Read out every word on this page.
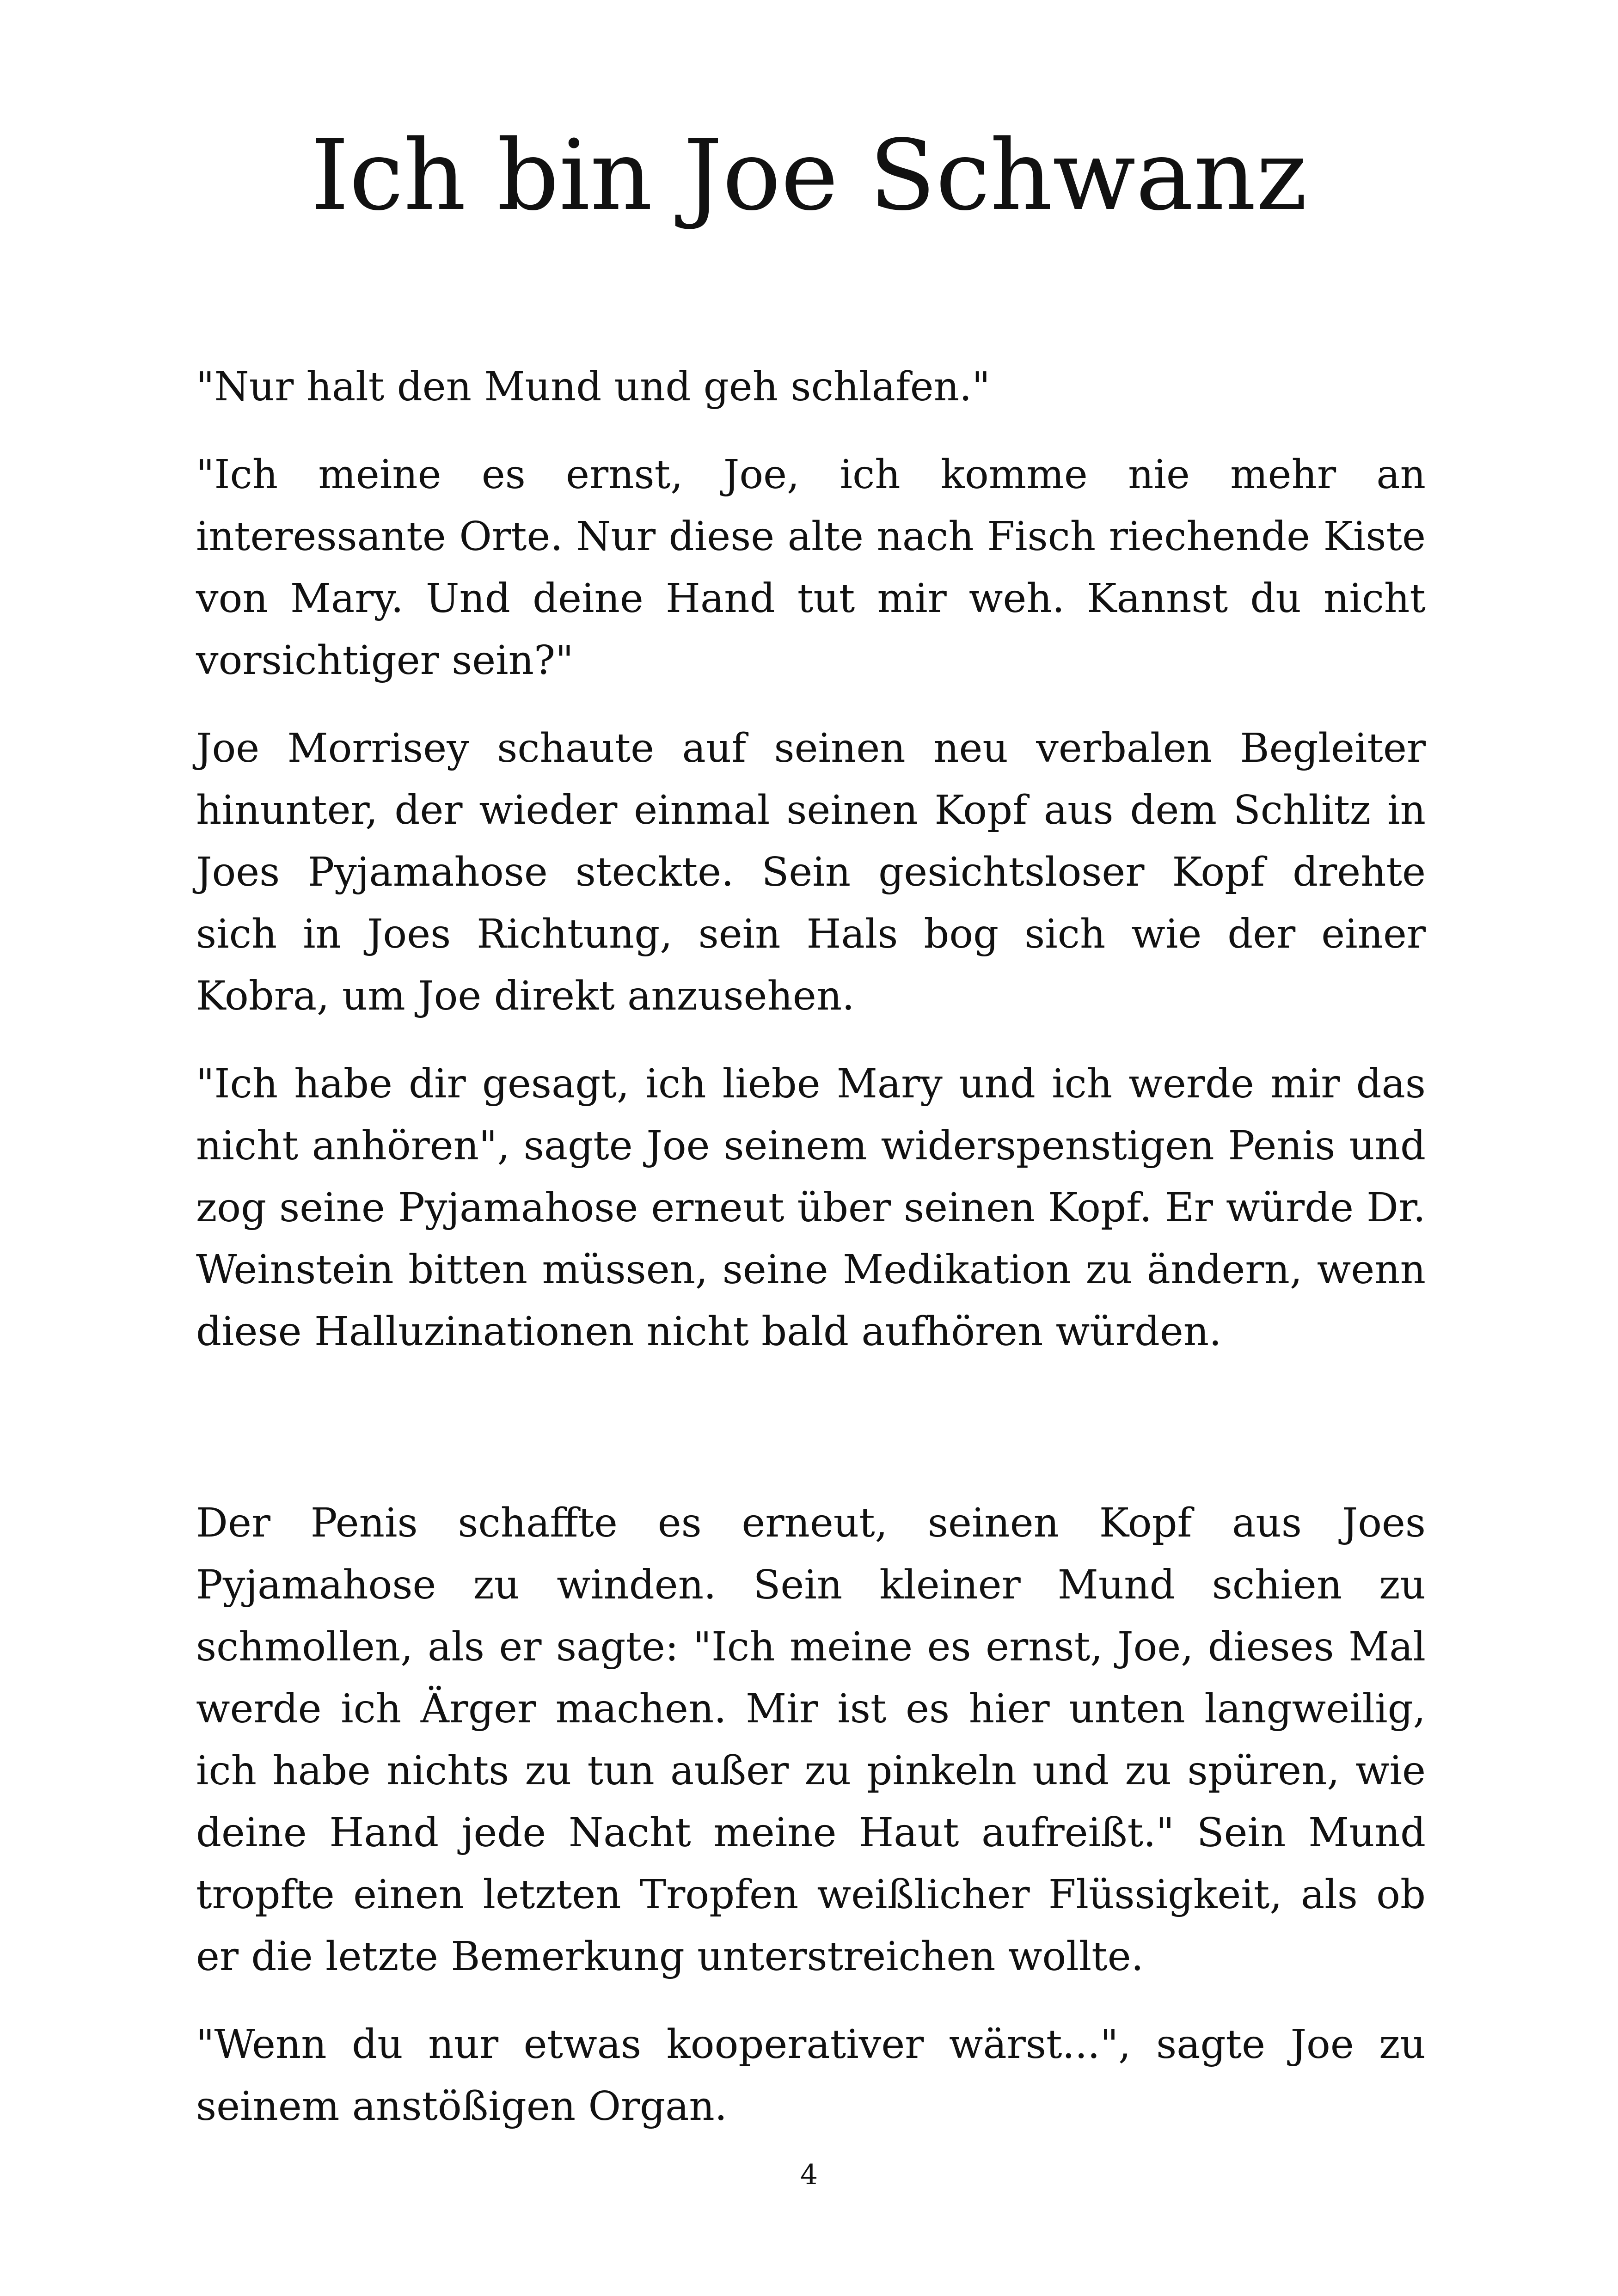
Ich bin Joe Schwanz

"Nur halt den Mund und geh schlafen."

"Ich meine es ernst, Joe, ich komme nie mehr an interessante Orte. Nur diese alte nach Fisch riechende Kiste von Mary. Und deine Hand tut mir weh. Kannst du nicht vorsichtiger sein?"

Joe Morrisey schaute auf seinen neu verbalen Begleiter hinunter, der wieder einmal seinen Kopf aus dem Schlitz in Joes Pyjamahose steckte. Sein gesichtsloser Kopf drehte sich in Joes Richtung, sein Hals bog sich wie der einer Kobra, um Joe direkt anzusehen.

"Ich habe dir gesagt, ich liebe Mary und ich werde mir das nicht anhören", sagte Joe seinem widerspenstigen Penis und zog seine Pyjamahose erneut über seinen Kopf. Er würde Dr. Weinstein bitten müssen, seine Medikation zu ändern, wenn diese Halluzinationen nicht bald aufhören würden.

Der Penis schaffte es erneut, seinen Kopf aus Joes Pyjamahose zu winden. Sein kleiner Mund schien zu schmollen, als er sagte: "Ich meine es ernst, Joe, dieses Mal werde ich Ärger machen. Mir ist es hier unten langweilig, ich habe nichts zu tun außer zu pinkeln und zu spüren, wie deine Hand jede Nacht meine Haut aufreißt." Sein Mund tropfte einen letzten Tropfen weißlicher Flüssigkeit, als ob er die letzte Bemerkung unterstreichen wollte.

"Wenn du nur etwas kooperativer wärst...", sagte Joe zu seinem anstößigen Organ.

4
